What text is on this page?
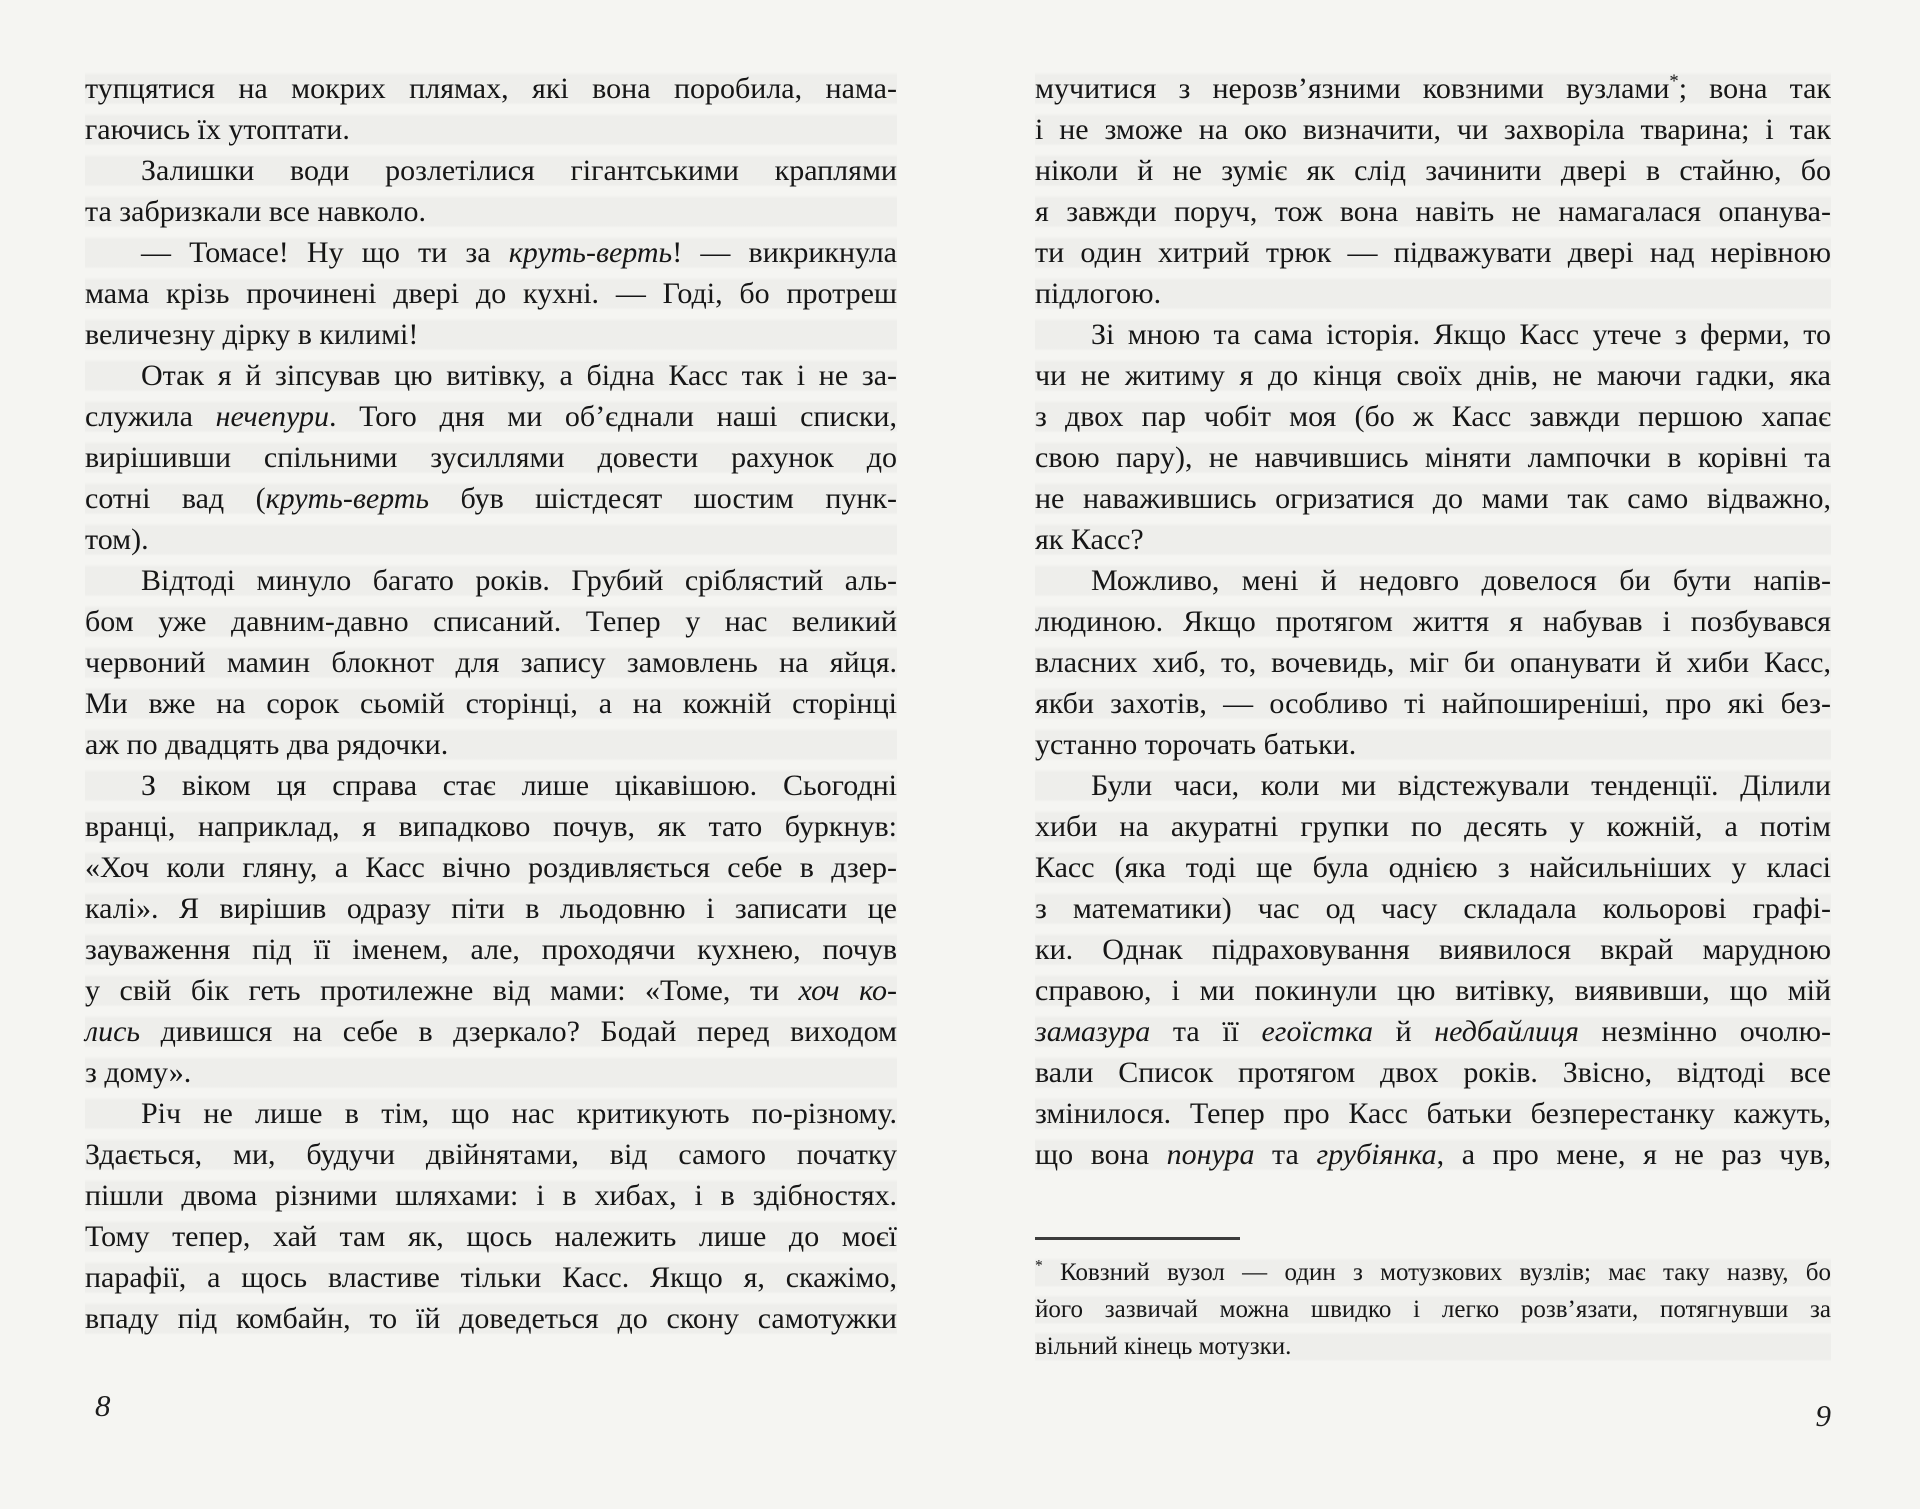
тупцятися на мокрих плямах, які вона поробила, нама-
гаючись їх утоптати.
Залишки води розлетілися гігантськими краплями
та забризкали все навколо.
— Томасе! Ну що ти за круть-верть! — викрикнула
мама крізь прочинені двері до кухні. — Годі, бо протреш
величезну дірку в килимі!
Отак я й зіпсував цю витівку, а бідна Касс так і не за-
служила нечепури. Того дня ми об’єднали наші списки,
вирішивши спільними зусиллями довести рахунок до
сотні вад (круть-верть був шістдесят шостим пунк-
том).
Відтоді минуло багато років. Грубий сріблястий аль-
бом уже давним-давно списаний. Тепер у нас великий
червоний мамин блокнот для запису замовлень на яйця.
Ми вже на сорок сьомій сторінці, а на кожній сторінці
аж по двадцять два рядочки.
З віком ця справа стає лише цікавішою. Сьогодні
вранці, наприклад, я випадково почув, як тато буркнув:
«Хоч коли гляну, а Касс вічно роздивляється себе в дзер-
калі». Я вирішив одразу піти в льодовню і записати це
зауваження під її іменем, але, проходячи кухнею, почув
у свій бік геть протилежне від мами: «Томе, ти хоч ко-
лись дивишся на себе в дзеркало? Бодай перед виходом
з дому».
Річ не лише в тім, що нас критикують по-різному.
Здається, ми, будучи двійнятами, від самого початку
пішли двома різними шляхами: і в хибах, і в здібностях.
Тому тепер, хай там як, щось належить лише до моєї
парафії, а щось властиве тільки Касс. Якщо я, скажімо,
впаду під комбайн, то їй доведеться до скону самотужки
мучитися з нерозв’язними ковзними вузлами*; вона так
і не зможе на око визначити, чи захворіла тварина; і так
ніколи й не зуміє як слід зачинити двері в стайню, бо
я завжди поруч, тож вона навіть не намагалася опанува-
ти один хитрий трюк — підважувати двері над нерівною
підлогою.
Зі мною та сама історія. Якщо Касс утече з ферми, то
чи не житиму я до кінця своїх днів, не маючи гадки, яка
з двох пар чобіт моя (бо ж Касс завжди першою хапає
свою пару), не навчившись міняти лампочки в корівні та
не наважившись огризатися до мами так само відважно,
як Касс?
Можливо, мені й недовго довелося би бути напів-
людиною. Якщо протягом життя я набував і позбувався
власних хиб, то, вочевидь, міг би опанувати й хиби Касс,
якби захотів, — особливо ті найпоширеніші, про які без-
устанно торочать батьки.
Були часи, коли ми відстежували тенденції. Ділили
хиби на акуратні групки по десять у кожній, а потім
Касс (яка тоді ще була однією з найсильніших у класі
з математики) час од часу складала кольорові графі-
ки. Однак підраховування виявилося вкрай марудною
справою, і ми покинули цю витівку, виявивши, що мій
замазура та її егоїстка й недбайлиця незмінно очолю-
вали Список протягом двох років. Звісно, відтоді все
змінилося. Тепер про Касс батьки безперестанку кажуть,
що вона понура та грубіянка, а про мене, я не раз чув,
* Ковзний вузол — один з мотузкових вузлів; має таку назву, бо
його зазвичай можна швидко і легко розв’язати, потягнувши за
вільний кінець мотузки.
8	9
